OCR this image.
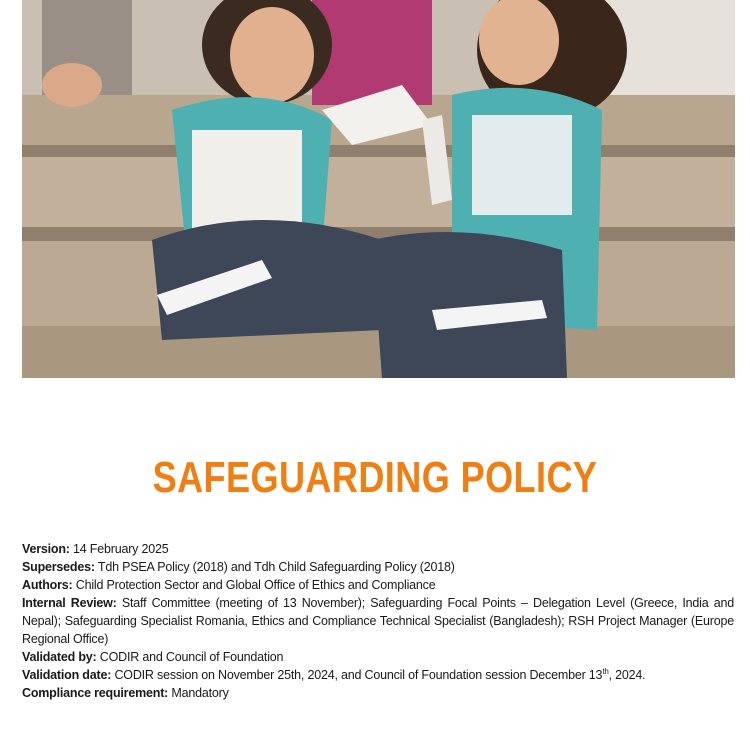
SAFEGUARDING POLICY

Version: 14 February 2025

Supersedes: Tdh PSEA Policy (2018) and Tdh Child Safeguarding Policy (2018)

Authors: Child Protection Sector and Global Office of Ethics and Compliance

Internal Review: Staff Committee (meeting of 13 November); Safeguarding Focal Points – Delegation Level (Greece, India and Nepal); Safeguarding Specialist Romania, Ethics and Compliance Technical Specialist (Bangladesh); RSH Project Manager (Europe Regional Office)

Validated by: CODIR and Council of Foundation

Validation date: CODIR session on November 25th, 2024, and Council of Foundation session December 13th, 2024.

Compliance requirement: Mandatory
